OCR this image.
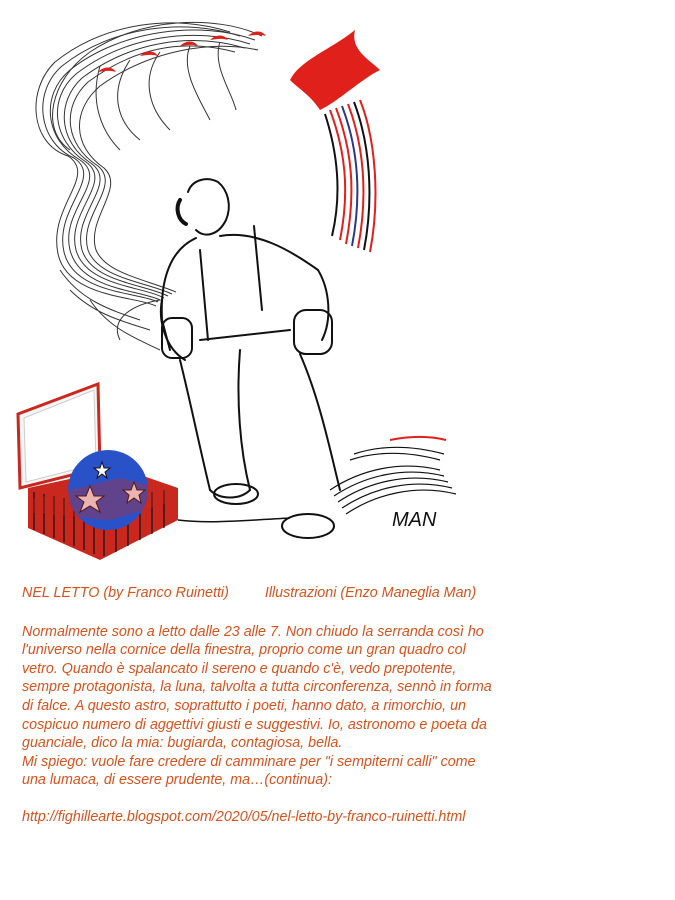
MAN
NEL LETTO (by Franco Ruinetti)	Illustrazioni (Enzo Maneglia Man)

Normalmente sono a letto dalle 23 alle 7. Non chiudo la serranda così ho
l'universo nella cornice della finestra, proprio come un gran quadro col
vetro. Quando è spalancato il sereno e quando c'è, vedo prepotente,
sempre protagonista, la luna, talvolta a tutta circonferenza, sennò in forma
di falce. A questo astro, soprattutto i poeti, hanno dato, a rimorchio, un
cospicuo numero di aggettivi giusti e suggestivi. Io, astronomo e poeta da
guanciale, dico la mia: bugiarda, contagiosa, bella.
Mi spiego: vuole fare credere di camminare per "i sempiterni calli" come
una lumaca, di essere prudente, ma…(continua):

http://fighillearte.blogspot.com/2020/05/nel-letto-by-franco-ruinetti.html
